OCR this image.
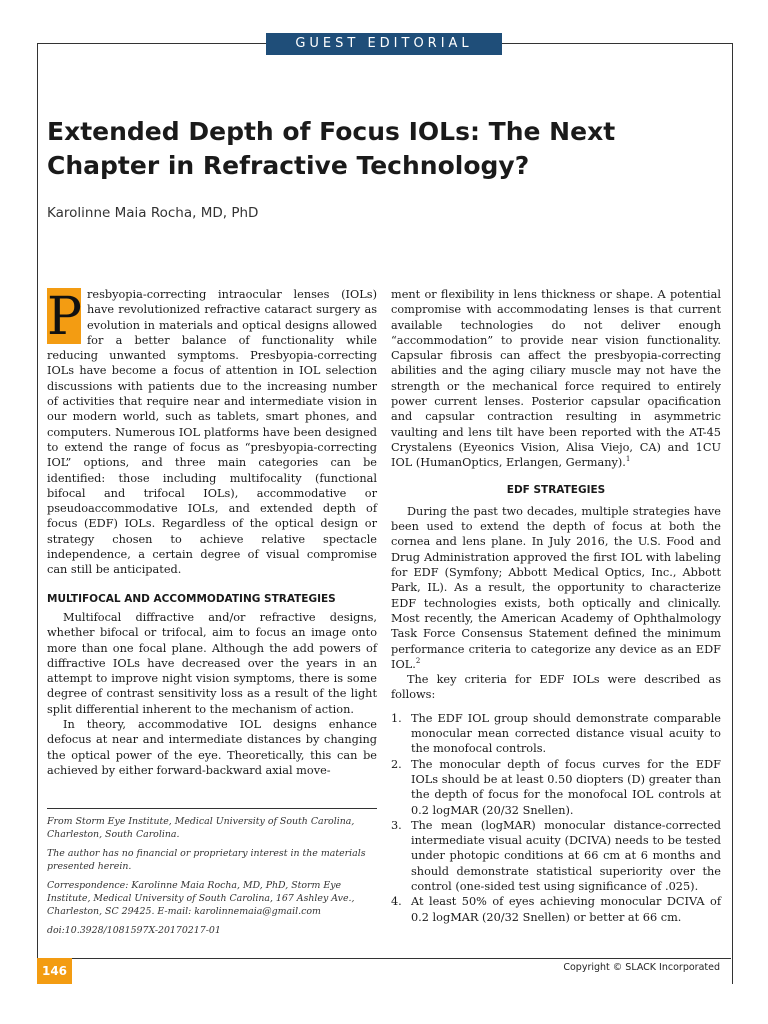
GUEST EDITORIAL
Extended Depth of Focus IOLs: The Next Chapter in Refractive Technology?
Karolinne Maia Rocha, MD, PhD
P resbyopia-correcting intraocular lenses (IOLs) have revolutionized refractive cataract surgery as evolution in materials and optical designs allowed for a better balance of functionality while reducing unwanted symptoms. Presbyopia-correcting IOLs have become a focus of attention in IOL selection discussions with patients due to the increasing number of activities that require near and intermediate vision in our modern world, such as tablets, smart phones, and computers. Numerous IOL platforms have been designed to extend the range of focus as “presbyopia-correcting IOL” options, and three main categories can be identified: those including multifocality (functional bifocal and trifocal IOLs), accommodative or pseudoaccommodative IOLs, and extended depth of focus (EDF) IOLs. Regardless of the optical design or strategy chosen to achieve relative spectacle independence, a certain degree of visual compromise can still be anticipated.

MULTIFOCAL AND ACCOMMODATING STRATEGIES

Multifocal diffractive and/or refractive designs, whether bifocal or trifocal, aim to focus an image onto more than one focal plane. Although the add powers of diffractive IOLs have decreased over the years in an attempt to improve night vision symptoms, there is some degree of contrast sensitivity loss as a result of the light split differential inherent to the mechanism of action.

In theory, accommodative IOL designs enhance defocus at near and intermediate distances by changing the optical power of the eye. Theoretically, this can be achieved by either forward-backward axial move-

From Storm Eye Institute, Medical University of South Carolina, Charleston, South Carolina.

The author has no financial or proprietary interest in the materials presented herein.

Correspondence: Karolinne Maia Rocha, MD, PhD, Storm Eye Institute, Medical University of South Carolina, 167 Ashley Ave., Charleston, SC 29425. E-mail: karolinnemaia@gmail.com

doi:10.3928/1081597X-20170217-01

ment or flexibility in lens thickness or shape. A potential compromise with accommodating lenses is that current available technologies do not deliver enough “accommodation” to provide near vision functionality. Capsular fibrosis can affect the presbyopia-correcting abilities and the aging ciliary muscle may not have the strength or the mechanical force required to entirely power current lenses. Posterior capsular opacification and capsular contraction resulting in asymmetric vaulting and lens tilt have been reported with the AT-45 Crystalens (Eyeonics Vision, Alisa Viejo, CA) and 1CU IOL (HumanOptics, Erlangen, Germany).$^1$

EDF STRATEGIES

During the past two decades, multiple strategies have been used to extend the depth of focus at both the cornea and lens plane. In July 2016, the U.S. Food and Drug Administration approved the first IOL with labeling for EDF (Symfony; Abbott Medical Optics, Inc., Abbott Park, IL). As a result, the opportunity to characterize EDF technologies exists, both optically and clinically. Most recently, the American Academy of Ophthalmology Task Force Consensus Statement defined the minimum performance criteria to categorize any device as an EDF IOL.$^2$

The key criteria for EDF IOLs were described as follows:

1. The EDF IOL group should demonstrate comparable monocular mean corrected distance visual acuity to the monofocal controls.
2. The monocular depth of focus curves for the EDF IOLs should be at least 0.50 diopters (D) greater than the depth of focus for the monofocal IOL controls at 0.2 logMAR (20/32 Snellen).
3. The mean (logMAR) monocular distance-corrected intermediate visual acuity (DCIVA) needs to be tested under photopic conditions at 66 cm at 6 months and should demonstrate statistical superiority over the control (one-sided test using significance of .025).
4. At least 50% of eyes achieving monocular DCIVA of 0.2 logMAR (20/32 Snellen) or better at 66 cm.
146	Copyright © SLACK Incorporated
